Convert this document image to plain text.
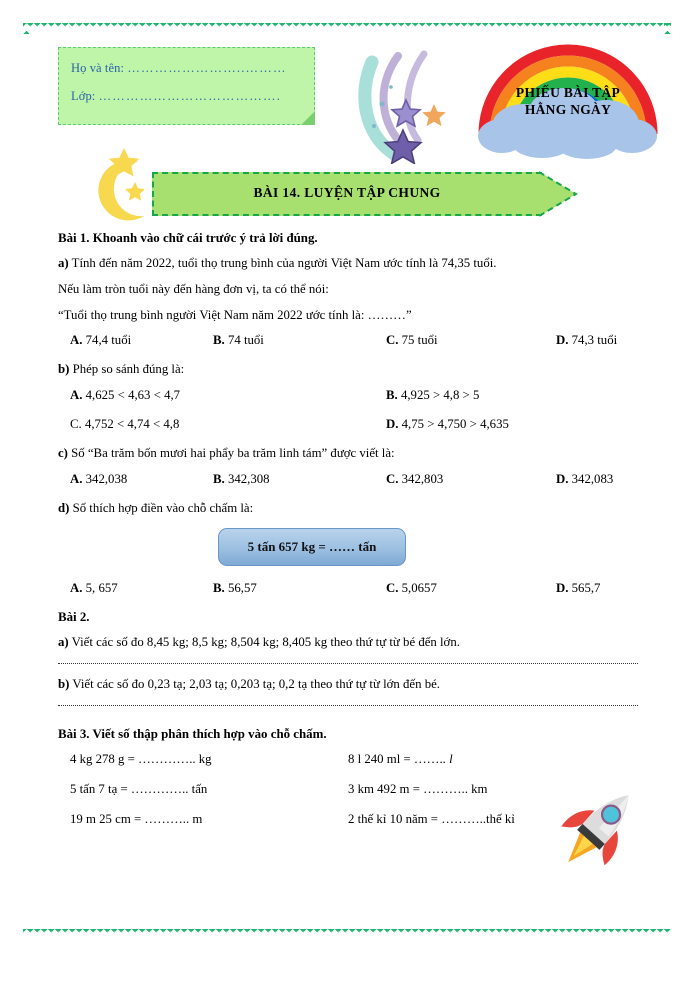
Họ và tên: ……………………..………
Lớp: ………………………………….	PHIẾU BÀI TẬP
HẰNG NGÀY
BÀI 14. LUYỆN TẬP CHUNG
Bài 1. Khoanh vào chữ cái trước ý trả lời đúng.
a) Tính đến năm 2022, tuổi thọ trung bình của người Việt Nam ước tính là 74,35 tuổi.
Nếu làm tròn tuổi này đến hàng đơn vị, ta có thể nói:
“Tuổi thọ trung bình người Việt Nam năm 2022 ước tính là: ………”
A. 74,4 tuổi	B. 74 tuổi	C. 75 tuổi	D. 74,3 tuổi
b) Phép so sánh đúng là:
A. 4,625 < 4,63 < 4,7	B. 4,925 > 4,8 > 5
C. 4,752 < 4,74 < 4,8	D. 4,75 > 4,750 > 4,635
c) Số “Ba trăm bốn mươi hai phẩy ba trăm linh tám” được viết là:
A. 342,038	B. 342,308	C. 342,803	D. 342,083
d) Số thích hợp điền vào chỗ chấm là:
5 tấn 657 kg = …… tấn
A. 5, 657	B. 56,57	C. 5,0657	D. 565,7
Bài 2.
a) Viết các số đo 8,45 kg; 8,5 kg; 8,504 kg; 8,405 kg theo thứ tự từ bé đến lớn.
b) Viết các số đo 0,23 tạ; 2,03 tạ; 0,203 tạ; 0,2 tạ theo thứ tự từ lớn đến bé.
Bài 3. Viết số thập phân thích hợp vào chỗ chấm.
4 kg 278 g = ………….. kg	8 l 240 ml = …….. l
5 tấn 7 tạ = ………….. tấn	3 km 492 m = ……….. km
19 m 25 cm = ……….. m	2 thế kỉ 10 năm = ………..thế kỉ
